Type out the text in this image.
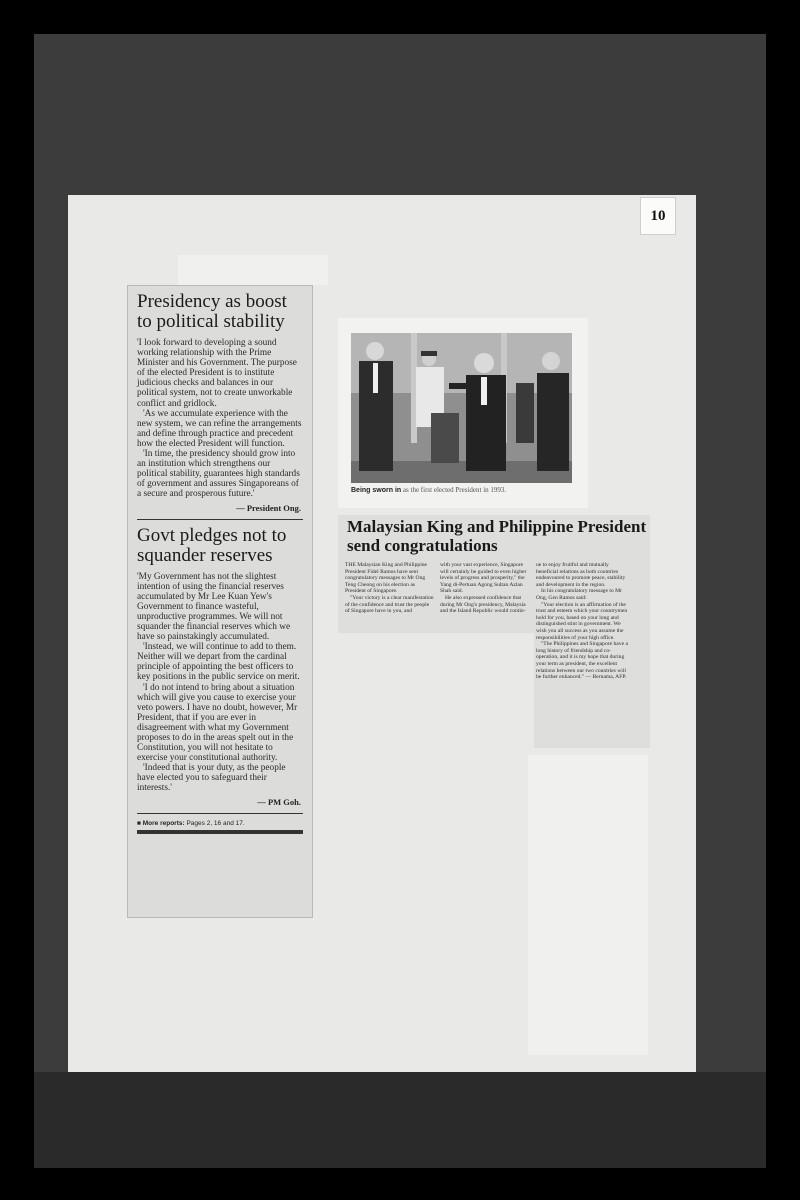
10
Presidency as boost to political stability

'I look forward to developing a sound working relationship with the Prime Minister and his Government. The purpose of the elected President is to institute judicious checks and balances in our political system, not to create unworkable conflict and gridlock.

'As we accumulate experience with the new system, we can refine the arrangements and define through practice and precedent how the elected President will function.

'In time, the presidency should grow into an institution which strengthens our political stability, guarantees high standards of government and assures Singaporeans of a secure and prosperous future.'

— President Ong.
Govt pledges not to squander reserves

'My Government has not the slightest intention of using the financial reserves accumulated by Mr Lee Kuan Yew's Government to finance wasteful, unproductive programmes. We will not squander the financial reserves which we have so painstakingly accumulated.

'Instead, we will continue to add to them. Neither will we depart from the cardinal principle of appointing the best officers to key positions in the public service on merit.

'I do not intend to bring about a situation which will give you cause to exercise your veto powers. I have no doubt, however, Mr President, that if you are ever in disagreement with what my Government proposes to do in the areas spelt out in the Constitution, you will not hesitate to exercise your constitutional authority.

'Indeed that is your duty, as the people have elected you to safeguard their interests.'

— PM Goh.
■ More reports: Pages 2, 16 and 17.
Being sworn in as the first elected President in 1993.
Malaysian King and Philippine President send congratulations

THE Malaysian King and Philippine President Fidel Ramos have sent congratulatory messages to Mr Ong Teng Cheong on his election as President of Singapore.

"Your victory is a clear manifestation of the confidence and trust the people of Singapore have in you, and

with your vast experience, Singapore will certainly be guided to even higher levels of progress and prosperity," the Yang di-Pertuan Agong Sultan Azlan Shah said.

He also expressed confidence that during Mr Ong's presidency, Malaysia and the Island Republic would contin-

ue to enjoy fruitful and mutually beneficial relations as both countries endeavoured to promote peace, stability and development in the region.

In his congratulatory message to Mr Ong, Gen Ramos said:

"Your election is an affirmation of the trust and esteem which your countrymen hold for you, based on your long and distinguished stint in government. We wish you all success as you assume the responsibilities of your high office.

"The Philippines and Singapore have a long history of friendship and co-operation, and it is my hope that during your term as president, the excellent relations between our two countries will be further enhanced." — Bernama, AFP.
